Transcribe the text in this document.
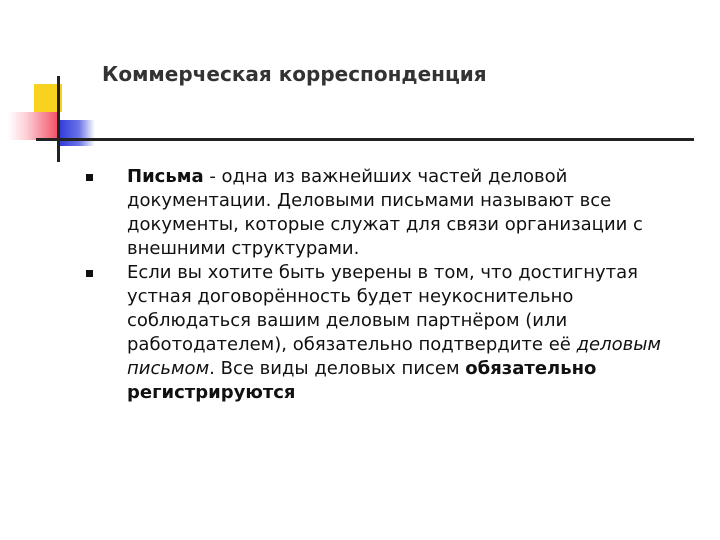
Коммерческая корреспонденция
Письма - одна из важнейших частей деловой документации. Деловыми письмами называют все документы, которые служат для связи организации с внешними структурами.
Если вы хотите быть уверены в том, что достигнутая устная договорённость будет неукоснительно соблюдаться вашим деловым партнёром (или работодателем), обязательно подтвердите её деловым письмом. Все виды деловых писем обязательно регистрируются
